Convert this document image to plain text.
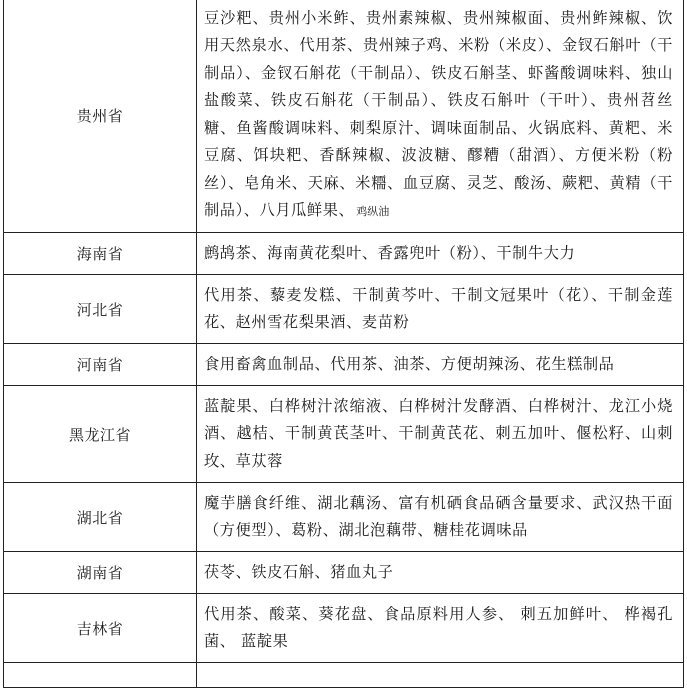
贵州省	豆沙粑、贵州小米鲊、贵州素辣椒、贵州辣椒面、贵州鲊辣椒、饮用天然泉水、代用茶、贵州辣子鸡、米粉（米皮）、金钗石斛叶（干制品）、金钗石斛花（干制品）、铁皮石斛茎、虾酱酸调味料、独山盐酸菜、铁皮石斛花（干制品）、铁皮石斛叶（干叶）、贵州苕丝糖、鱼酱酸调味料、刺梨原汁、调味面制品、火锅底料、黄粑、米豆腐、饵块粑、香酥辣椒、波波糖、醪糟（甜酒）、方便米粉（粉丝）、皂角米、天麻、米糥、血豆腐、灵芝、酸汤、蕨粑、黄精（干制品）、八月瓜鲜果、 鸡纵油
海南省	鹧鸪茶、海南黄花梨叶、香露兜叶（粉）、干制牛大力
河北省	代用茶、藜麦发糕、干制黄芩叶、干制文冠果叶（花）、干制金莲花、赵州雪花梨果酒、麦苗粉
河南省	食用畜禽血制品、代用茶、油茶、方便胡辣汤、花生糕制品
黑龙江省	蓝靛果、白桦树汁浓缩液、白桦树汁发酵酒、白桦树汁、龙江小烧酒、越桔、干制黄芪茎叶、干制黄芪花、刺五加叶、偃松籽、山刺玫、草苁蓉
湖北省	魔芋膳食纤维、湖北藕汤、富有机硒食品硒含量要求、武汉热干面（方便型）、葛粉、湖北泡藕带、糖桂花调味品
湖南省	茯苓、铁皮石斛、猪血丸子
吉林省	代用茶、酸菜、葵花盘、食品原料用人参、 刺五加鲜叶、 桦褐孔菌、 蓝靛果
